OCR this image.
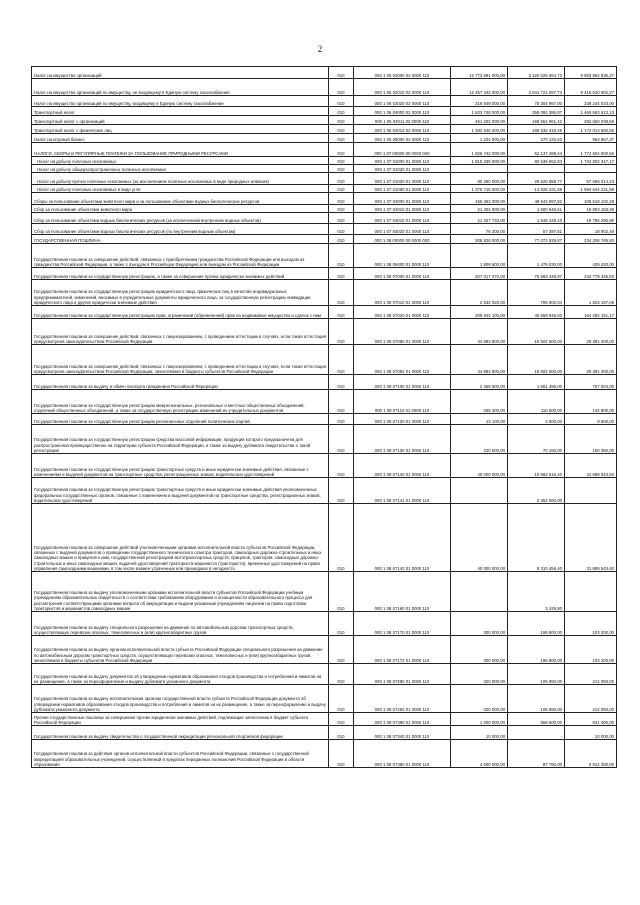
2
Налог на имущество организаций	010	000 1 06 02000 02 0000 110	12 773 891 000,00	3 120 026 064,73	9 653 864 935,27
Налог на имущество организаций по имуществу, не входящему в Единую систему газоснабжения	010	000 1 06 02010 02 0000 110	12 457 342 000,00	3 041 721 097,73	9 415 620 902,27
Налог на имущество организаций по имуществу, входящему в Единую систему газоснабжения	010	000 1 06 02020 02 0000 110	316 549 000,00	78 304 967,00	238 244 033,00
Транспортный налог	010	000 1 06 04000 02 0000 110	1 823 748 000,00	358 084 386,87	1 465 663 613,13
Транспортный налог с организаций	010	000 1 06 04011 02 0000 110	451 202 000,00	168 551 961,42	282 650 038,58
Транспортный налог с физических лиц	010	000 1 06 04012 02 0000 110	1 382 546 000,00	189 532 419,45	1 173 013 580,55
Налог на игорный бизнес	010	000 1 06 05000 02 0000 110	1 234 000,00	270 132,63	963 867,37
НАЛОГИ, СБОРЫ И РЕГУЛЯРНЫЕ ПЛАТЕЖИ ЗА ПОЛЬЗОВАНИЕ ПРИРОДНЫМИ РЕСУРСАМИ	010	000 1 07 00000 00 0000 000	1 826 742 000,00	52 137 499,44	1 774 604 500,56
Налог на добычу полезных ископаемых	010	000 1 07 01000 01 0000 110	1 815 339 000,00	80 536 652,83	1 734 802 347,17
Налог на добычу общераспространенных полезных ископаемых	010	000 1 07 01020 01 0000 110			
Налог на добычу прочих полезных ископаемых (за исключением полезных ископаемых в виде природных алмазов)	010	000 1 07 01020 01 0000 110	80 290 000,00	29 620 985,77	57 669 014,23
Налог на добычу полезных ископаемых в виде угля	010	000 1 07 01060 01 0000 110	1 375 716 000,00	-14 928 231,58	1 594 644 231,58
Сборы за пользование объектами животного мира и за пользование объектами водных биологических ресурсов	010	000 1 07 04000 01 0000 110	155 363 000,00	48 643 897,82	105 519 102,28
Сбор за пользование объектами животного мира	010	000 1 07 04010 01 0000 110	21 404 000,00	1 600 946,61	19 803 153,39
Сбор за пользование объектами водных биологических ресурсов (за исключением внутренних водных объектов)	010	000 1 07 04010 01 0000 110	21 327 733,00	1 545 449,10	19 784 290,90
Сбор за пользование объектами водных биологических ресурсов (по внутренним водным объектам)	010	000 1 07 04030 01 0000 110	76 300,00	57 397,51	18 902,49
ГОСУДАРСТВЕННАЯ ПОШЛИНА	010	000 1 08 00000 00 0000 000	308 826 000,00	77 072 529,87	234 208 765,83
Государственная пошлина за совершение действий, связанных с приобретением гражданства Российской Федерации или выходом из гражданства Российской Федерации, а также с въездом в Российскую Федерацию или выездом из Российской Федерации	010	000 1 08 06000 01 0000 110	1 909 600,00	1 479 030,00	429 420,00
Государственная пошлина за государственную регистрацию, а также за совершение прочих юридически значимых действий	010	000 1 08 07000 01 0000 110	307 017 370,00	75 593 446,97	233 779 345,83
Государственная пошлина за государственную регистрацию юридического лица, физических лиц в качестве индивидуальных предпринимателей, изменений, вносимых в учредительные документы юридического лица, за государственную регистрацию ликвидации юридического лица и другие юридически значимые действия	010	000 1 08 07010 01 0000 110	2 532 020,00	706 802,04	1 823 197,06
Государственная пошлина за государственную регистрацию прав, ограничений (обременений) прав на недвижимое имущество и сделок с ним	010	000 1 08 07020 01 0000 110	209 944 100,00	45 659 946,83	164 284 151,17
Государственная пошлина за совершение действий, связанных с лицензированием, с проведением аттестации в случаях, если такая аттестация предусмотрена законодательством Российской Федерации	010	000 1 08 07080 01 0000 110	44 883 800,00	15 502 500,00	29 381 300,00
Государственная пошлина за совершение действий, связанных с лицензированием, с проведением аттестации в случаях, если такая аттестация предусмотрена законодательством Российской Федерации, зачисляемая в бюджеты субъектов Российской Федерации	010	000 1 08 07082 01 0000 110	44 883 800,00	15 502 500,00	29 381 300,00
Государственная пошлина за выдачу и обмен паспорта гражданина Российской Федерации	010	000 1 08 07100 01 0000 110	2 368 500,00	1 661 496,00	707 004,00
Государственная пошлина за государственную регистрацию межрегиональных, региональных и местных общественных объединений, отделений общественных объединений, а также за государственную регистрацию изменений их учредительных документов	010	000 1 08 07110 01 0000 110	265 300,00	110 500,00	144 800,00
Государственная пошлина за государственную регистрацию региональных отделений политических партий	010	000 1 08 07120 01 0000 110	13 100,00	3 500,00	9 600,00
Государственная пошлина за государственную регистрацию средства массовой информации, продукция которого предназначена для распространения преимущественно на территории субъекта Российской Федерации, а также за выдачу дубликата свидетельства о такой регистрации	010	000 1 08 07130 01 0000 110	220 500,00	70 150,00	150 350,00
Государственная пошлина за государственную регистрацию транспортных средств и иные юридически значимые действия, связанные с изменениями и выдачей документов на транспортные средства, регистрационных знаков, водительских удостоверений	010	000 1 08 07140 01 0000 110	40 000 000,00	10 662 516,40	31 689 543,60
Государственная пошлина за государственную регистрацию транспортных средств и иные юридически значимые действия уполномоченных федеральных государственных органов, связанные с изменением и выдачей документов на транспортные средства, регистрационных знаков, водительских удостоверений	010	000 1 08 07141 01 0000 110		2 352 060,00	
Государственная пошлина за совершение действий уполномоченными органами исполнительной власти субъектов Российской Федерации, связанных с выдачей документов о проведении государственного технического осмотра тракторов, самоходных дорожно-строительных и иных самоходных машин и прицепов к ним, государственной регистрацией мототранспортных средств, прицепов, тракторов, самоходных дорожно-строительных и иных самоходных машин, выдачей удостоверений тракториста-машиниста (тракториста), временных удостоверений на право управления самоходными машинами, в том числе взамен утраченных или пришедших в негодность	010	000 1 08 07142 01 0000 110	40 000 000,00	8 310 456,40	31 689 543,60
Государственная пошлина за выдачу уполномоченными органами исполнительной власти субъектов Российской Федерации учебным учреждениям образовательных свидетельств о соответствии требованиям оборудования и оснащенности образовательного процесса для рассмотрения соответствующими органами вопроса об аккредитации и выдачи указанным учреждениям лицензии на право подготовки трактористов и машинистов самоходных машин	010	000 1 08 07160 01 0000 110		3 426,80	
Государственная пошлина за выдачу специального разрешения на движение по автомобильным дорогам транспортных средств, осуществляющих перевозки опасных, тяжеловесных и (или) крупногабаритных грузов	010	000 1 08 07170 01 0000 110	300 000,00	196 800,00	103 200,00
Государственная пошлина за выдачу органом исполнительной власти субъекта Российской Федерации специального разрешения на движение по автомобильным дорогам транспортных средств, осуществляющих перевозки опасных, тяжеловесных и (или) крупногабаритных грузов, зачисляемая в бюджеты субъектов Российской Федерации	010	000 1 08 07172 01 0000 110	300 000,00	196 800,00	103 200,00
Государственная пошлина за выдачу документов об утверждении нормативов образования отходов производства и потребления и лимитов на их размещение, а также за переоформление и выдачу дубликата указанного документа	010	000 1 08 07280 01 0000 110	320 000,00	105 950,00	214 050,00
Государственная пошлина за выдачу исполнительным органом государственной власти субъекта Российской Федерации документа об утверждении нормативов образования отходов производства и потребления и лимитов на их размещение, а также за переоформление и выдачу дубликата указанного документа	010	000 1 08 07282 01 0000 110	320 000,00	105 950,00	214 050,00
Прочие государственные пошлины за совершение прочих юридически значимых действий, подлежащие зачислению в бюджет субъекта Российской Федерации	010	000 1 08 07390 01 0000 110	1 200 000,00	568 600,00	631 400,00
Государственная пошлина за выдачу свидетельства о государственной аккредитации региональной спортивной федерации	010	000 1 08 07340 01 0000 110	10 000,00	-	10 000,00
Государственная пошлина за действия органов исполнительной власти субъектов Российской Федерации, связанные с государственной аккредитацией образовательных учреждений, осуществляемой в пределах переданных полномочий Российской Федерации в области образования	010	000 1 08 07380 01 0000 110	4 000 000,00	87 750,00	3 912 250,00
